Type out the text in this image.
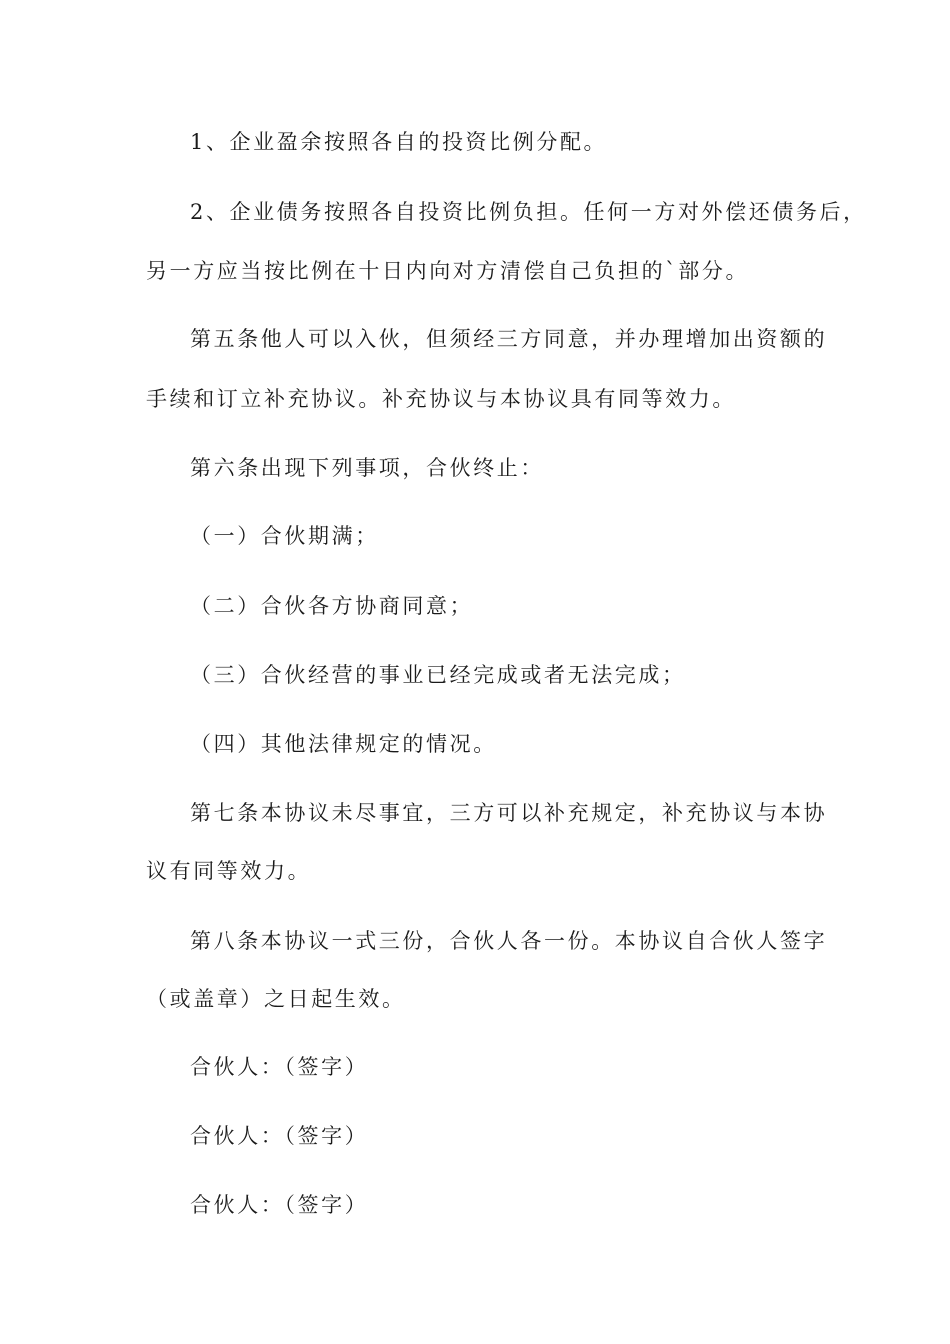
1、企业盈余按照各自的投资比例分配。
2、企业债务按照各自投资比例负担。任何一方对外偿还债务后，
另一方应当按比例在十日内向对方清偿自己负担的`部分。
第五条他人可以入伙，但须经三方同意，并办理增加出资额的
手续和订立补充协议。补充协议与本协议具有同等效力。
第六条出现下列事项，合伙终止：
（一）合伙期满；
（二）合伙各方协商同意；
（三）合伙经营的事业已经完成或者无法完成；
（四）其他法律规定的情况。
第七条本协议未尽事宜，三方可以补充规定，补充协议与本协
议有同等效力。
第八条本协议一式三份，合伙人各一份。本协议自合伙人签字
（或盖章）之日起生效。
合伙人：（签字）
合伙人：（签字）
合伙人：（签字）
